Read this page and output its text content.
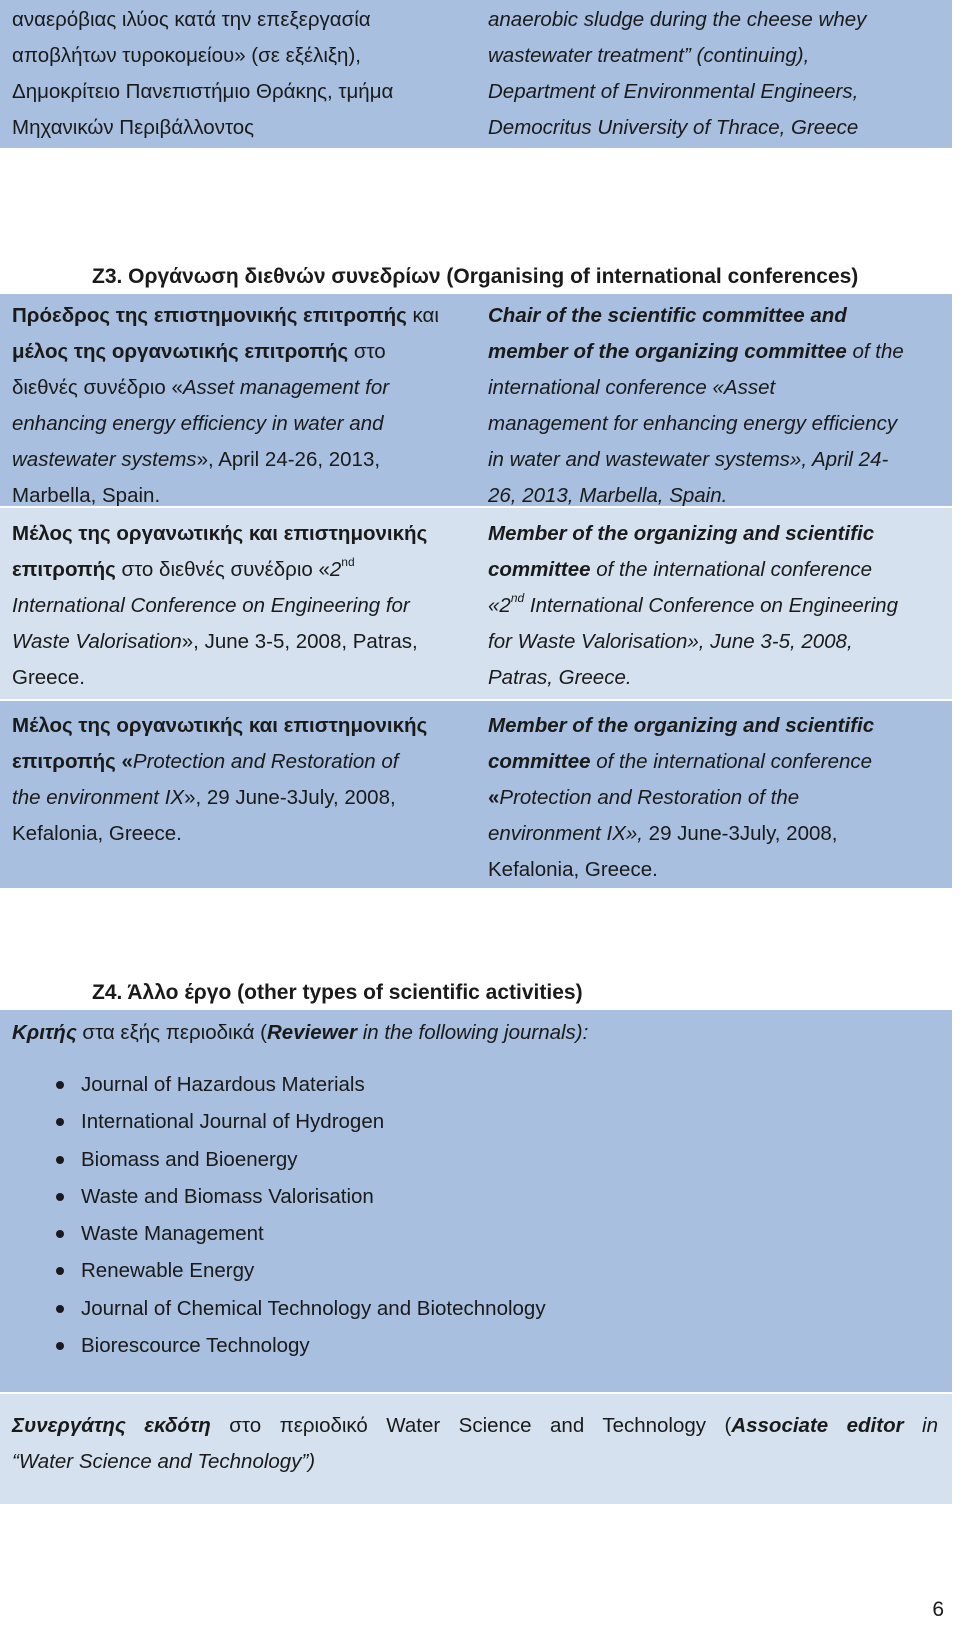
αναερόβιας ιλύος κατά την επεξεργασία
αποβλήτων τυροκομείου» (σε εξέλιξη),
Δημοκρίτειο Πανεπιστήμιο Θράκης, τμήμα
Μηχανικών Περιβάλλοντος
anaerobic sludge during the cheese whey
wastewater treatment” (continuing),
Department of Environmental Engineers,
Democritus University of Thrace, Greece
Ζ3. Οργάνωση διεθνών συνεδρίων (Organising of international conferences)
Πρόεδρος της επιστημονικής επιτροπής και
μέλος της οργανωτικής επιτροπής στο
διεθνές συνέδριο «Asset management for
enhancing energy efficiency in water and
wastewater systems», April 24-26, 2013,
Marbella, Spain.
Chair of the scientific committee and
member of the organizing committee of the
international conference «Asset
management for enhancing energy efficiency
in water and wastewater systems», April 24-
26, 2013, Marbella, Spain.
Μέλος της οργανωτικής και επιστημονικής
επιτροπής στο διεθνές συνέδριο «2nd
International Conference on Engineering for
Waste Valorisation», June 3-5, 2008, Patras,
Greece.
Member of the organizing and scientific
committee of the international conference
«2nd International Conference on Engineering
for Waste Valorisation», June 3-5, 2008,
Patras, Greece.
Μέλος της οργανωτικής και επιστημονικής
επιτροπής «Protection and Restoration of
the environment IX», 29 June-3July, 2008,
Kefalonia, Greece.
Member of the organizing and scientific
committee of the international conference
«Protection and Restoration of the
environment IX», 29 June-3July, 2008,
Kefalonia, Greece.
Ζ4. Άλλο έργο (other types of scientific activities)
Κριτής στα εξής περιοδικά (Reviewer in the following journals):
Journal of Hazardous Materials
International Journal of Hydrogen
Biomass and Bioenergy
Waste and Biomass Valorisation
Waste Management
Renewable Energy
Journal of Chemical Technology and Biotechnology
Biorescource Technology
Συνεργάτης εκδότη στο περιοδικό Water Science and Technology (Associate editor in
“Water Science and Technology”)
6
